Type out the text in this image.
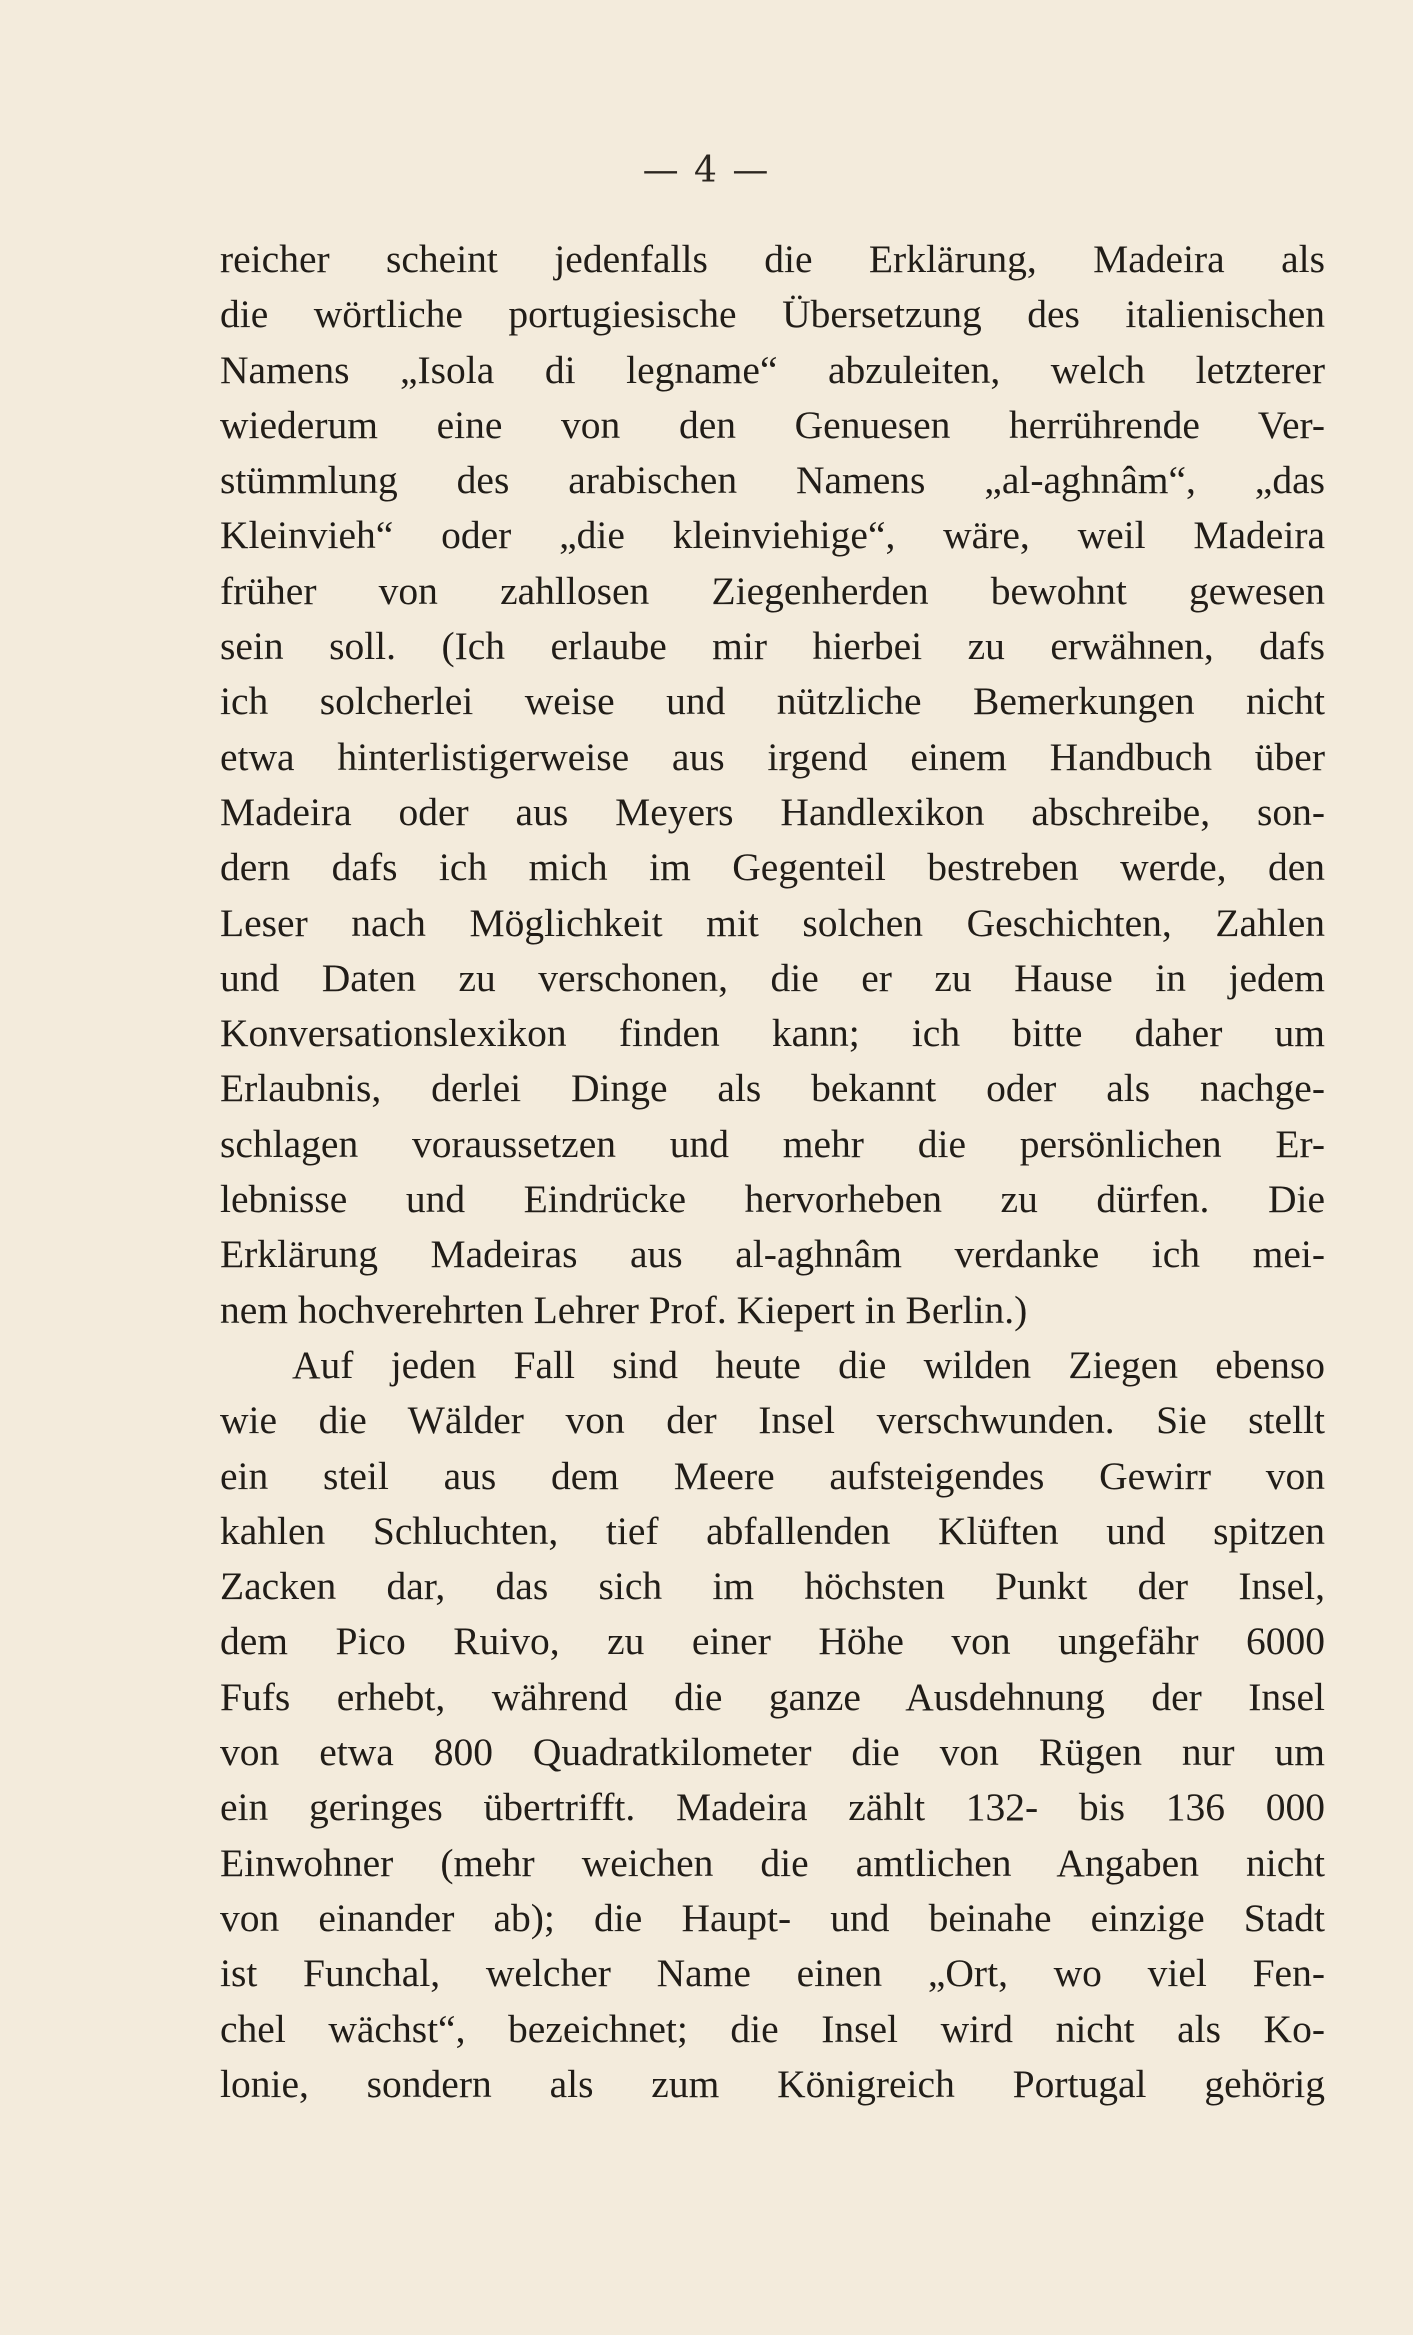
— 4 —
reicher scheint jedenfalls die Erklärung, Madeira als
die wörtliche portugiesische Übersetzung des italienischen
Namens „Isola di legname“ abzuleiten, welch letzterer
wiederum eine von den Genuesen herrührende Ver-
stümmlung des arabischen Namens „al-aghnâm“, „das
Kleinvieh“ oder „die kleinviehige“, wäre, weil Madeira
früher von zahllosen Ziegenherden bewohnt gewesen
sein soll. (Ich erlaube mir hierbei zu erwähnen, dafs
ich solcherlei weise und nützliche Bemerkungen nicht
etwa hinterlistigerweise aus irgend einem Handbuch über
Madeira oder aus Meyers Handlexikon abschreibe, son-
dern dafs ich mich im Gegenteil bestreben werde, den
Leser nach Möglichkeit mit solchen Geschichten, Zahlen
und Daten zu verschonen, die er zu Hause in jedem
Konversationslexikon finden kann; ich bitte daher um
Erlaubnis, derlei Dinge als bekannt oder als nachge-
schlagen voraussetzen und mehr die persönlichen Er-
lebnisse und Eindrücke hervorheben zu dürfen. Die
Erklärung Madeiras aus al-aghnâm verdanke ich mei-
nem hochverehrten Lehrer Prof. Kiepert in Berlin.)
Auf jeden Fall sind heute die wilden Ziegen ebenso
wie die Wälder von der Insel verschwunden. Sie stellt
ein steil aus dem Meere aufsteigendes Gewirr von
kahlen Schluchten, tief abfallenden Klüften und spitzen
Zacken dar, das sich im höchsten Punkt der Insel,
dem Pico Ruivo, zu einer Höhe von ungefähr 6000
Fufs erhebt, während die ganze Ausdehnung der Insel
von etwa 800 Quadratkilometer die von Rügen nur um
ein geringes übertrifft. Madeira zählt 132- bis 136 000
Einwohner (mehr weichen die amtlichen Angaben nicht
von einander ab); die Haupt- und beinahe einzige Stadt
ist Funchal, welcher Name einen „Ort, wo viel Fen-
chel wächst“, bezeichnet; die Insel wird nicht als Ko-
lonie, sondern als zum Königreich Portugal gehörig
